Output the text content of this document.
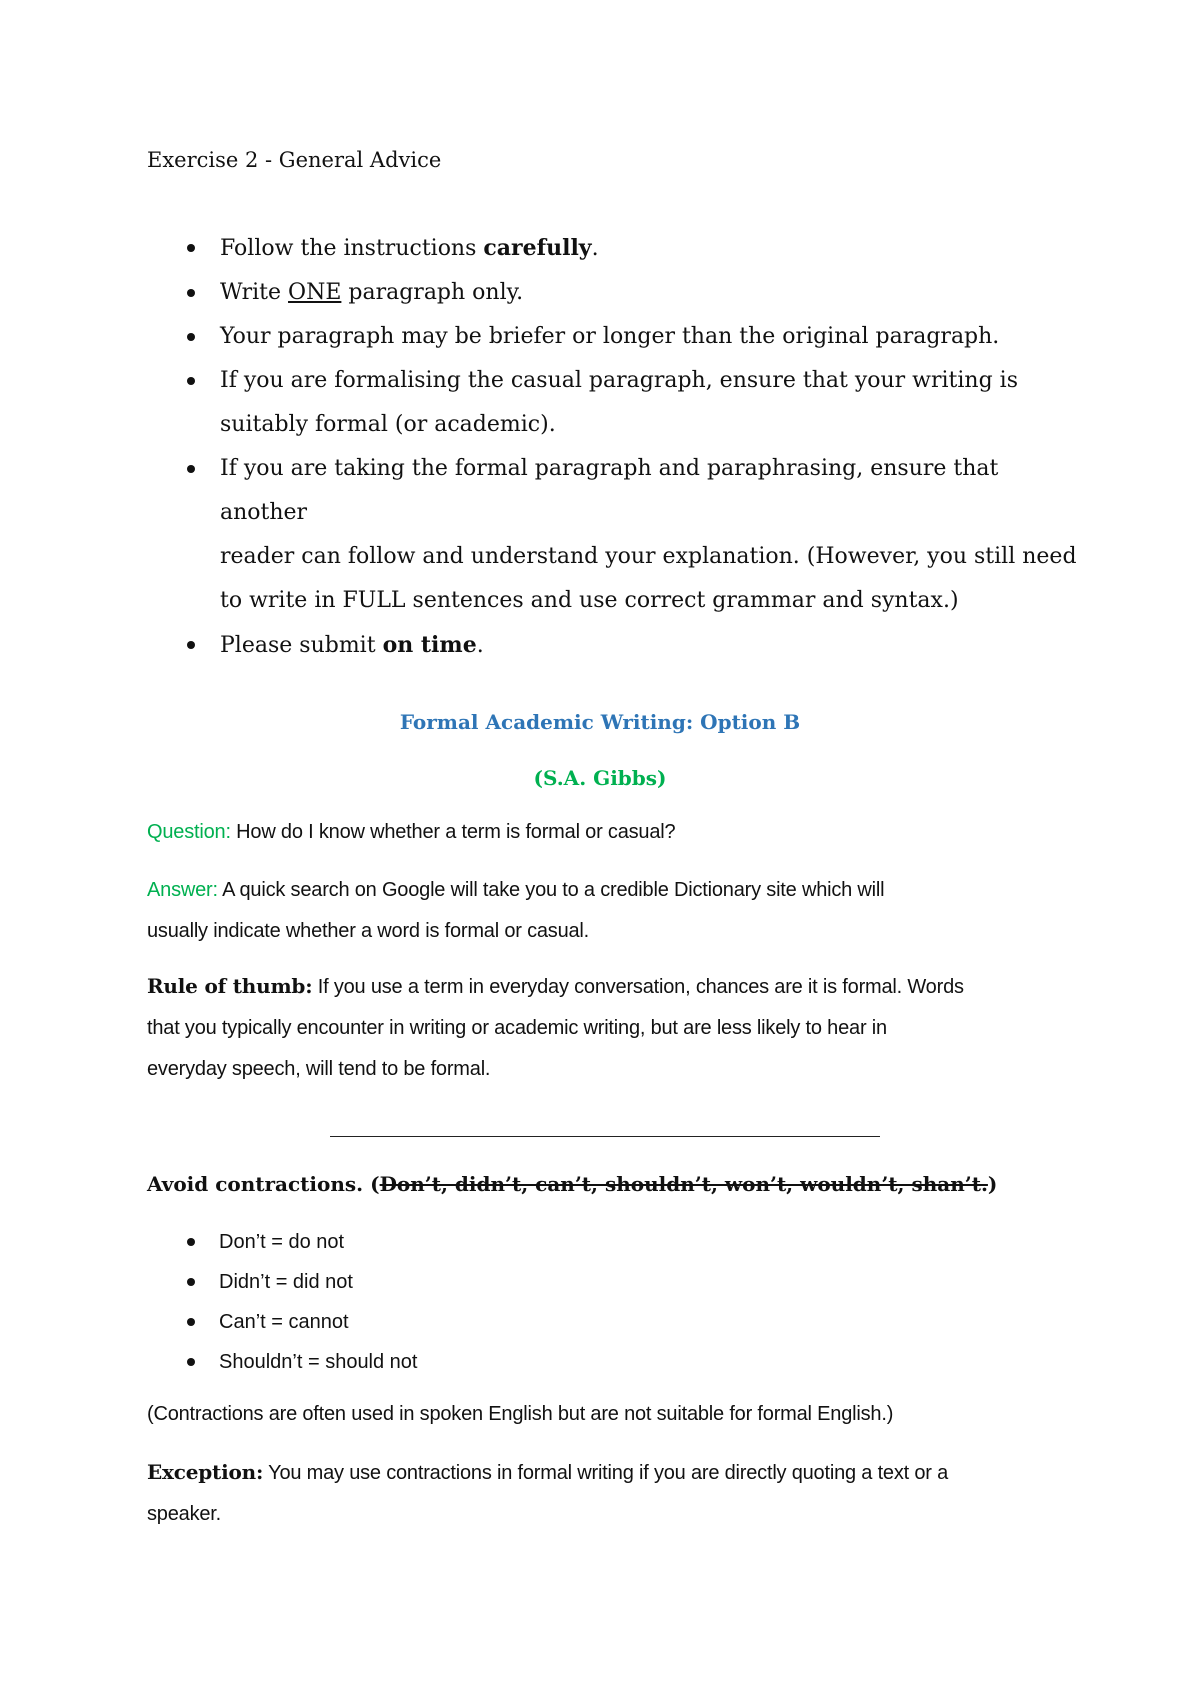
Exercise 2 - General Advice
Follow the instructions carefully.
Write ONE paragraph only.
Your paragraph may be briefer or longer than the original paragraph.
If you are formalising the casual paragraph, ensure that your writing is
suitably formal (or academic).
If you are taking the formal paragraph and paraphrasing, ensure that another
reader can follow and understand your explanation. (However, you still need
to write in FULL sentences and use correct grammar and syntax.)
Please submit on time.
Formal Academic Writing: Option B
(S.A. Gibbs)
Question: How do I know whether a term is formal or casual?
Answer: A quick search on Google will take you to a credible Dictionary site which will
usually indicate whether a word is formal or casual.
Rule of thumb: If you use a term in everyday conversation, chances are it is formal. Words
that you typically encounter in writing or academic writing, but are less likely to hear in
everyday speech, will tend to be formal.
Avoid contractions. (Don’t, didn’t, can’t, shouldn’t, won’t, wouldn’t, shan’t.)
Don’t = do not
Didn’t = did not
Can’t = cannot
Shouldn’t = should not
(Contractions are often used in spoken English but are not suitable for formal English.)
Exception: You may use contractions in formal writing if you are directly quoting a text or a
speaker.
